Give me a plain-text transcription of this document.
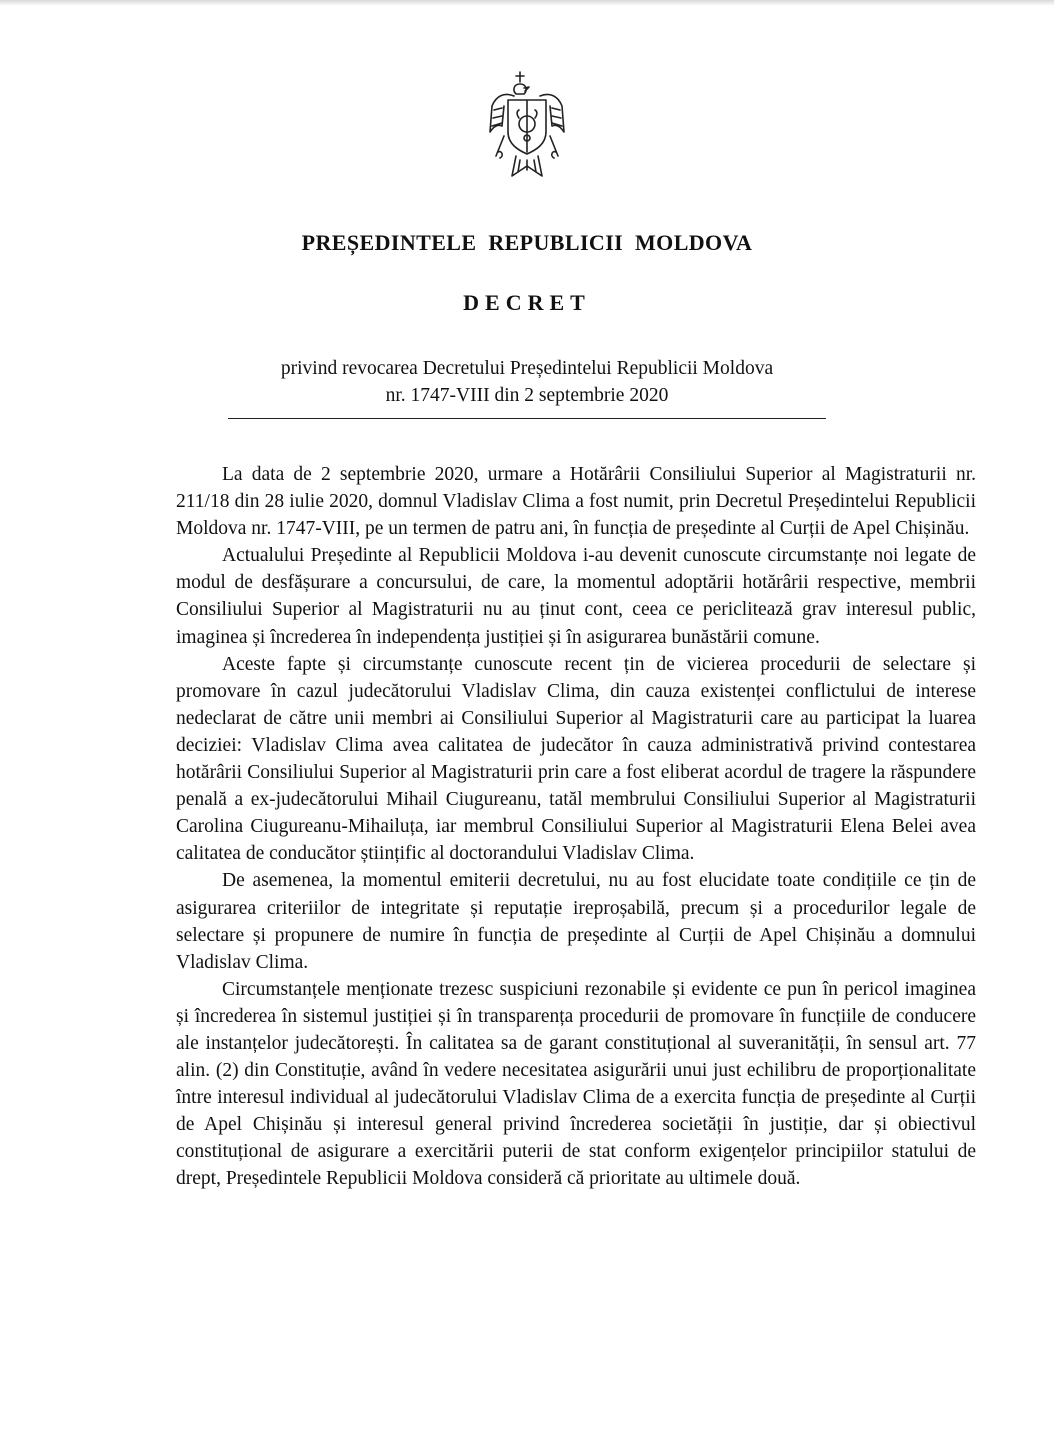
PREȘEDINTELE REPUBLICII MOLDOVA
DECRET
privind revocarea Decretului Președintelui Republicii Moldova
nr. 1747-VIII din 2 septembrie 2020

La data de 2 septembrie 2020, urmare a Hotărârii Consiliului Superior al Magistraturii nr. 211/18 din 28 iulie 2020, domnul Vladislav Clima a fost numit, prin Decretul Președintelui Republicii Moldova nr. 1747-VIII, pe un termen de patru ani, în funcția de președinte al Curții de Apel Chișinău.

Actualului Președinte al Republicii Moldova i-au devenit cunoscute circumstanțe noi legate de modul de desfășurare a concursului, de care, la momentul adoptării hotărârii respective, membrii Consiliului Superior al Magistraturii nu au ținut cont, ceea ce periclitează grav interesul public, imaginea și încrederea în independența justiției și în asigurarea bunăstării comune.

Aceste fapte și circumstanțe cunoscute recent țin de vicierea procedurii de selectare și promovare în cazul judecătorului Vladislav Clima, din cauza existenței conflictului de interese nedeclarat de către unii membri ai Consiliului Superior al Magistraturii care au participat la luarea deciziei: Vladislav Clima avea calitatea de judecător în cauza administrativă privind contestarea hotărârii Consiliului Superior al Magistraturii prin care a fost eliberat acordul de tragere la răspundere penală a ex-judecătorului Mihail Ciugureanu, tatăl membrului Consiliului Superior al Magistraturii Carolina Ciugureanu-Mihailuța, iar membrul Consiliului Superior al Magistraturii Elena Belei avea calitatea de conducător științific al doctorandului Vladislav Clima.

De asemenea, la momentul emiterii decretului, nu au fost elucidate toate condițiile ce țin de asigurarea criteriilor de integritate și reputație ireproșabilă, precum și a procedurilor legale de selectare și propunere de numire în funcția de președinte al Curții de Apel Chișinău a domnului Vladislav Clima.

Circumstanțele menționate trezesc suspiciuni rezonabile și evidente ce pun în pericol imaginea și încrederea în sistemul justiției și în transparența procedurii de promovare în funcțiile de conducere ale instanțelor judecătorești. În calitatea sa de garant constituțional al suveranității, în sensul art. 77 alin. (2) din Constituție, având în vedere necesitatea asigurării unui just echilibru de proporționalitate între interesul individual al judecătorului Vladislav Clima de a exercita funcția de președinte al Curții de Apel Chișinău și interesul general privind încrederea societății în justiție, dar și obiectivul constituțional de asigurare a exercitării puterii de stat conform exigențelor principiilor statului de drept, Președintele Republicii Moldova consideră că prioritate au ultimele două.
